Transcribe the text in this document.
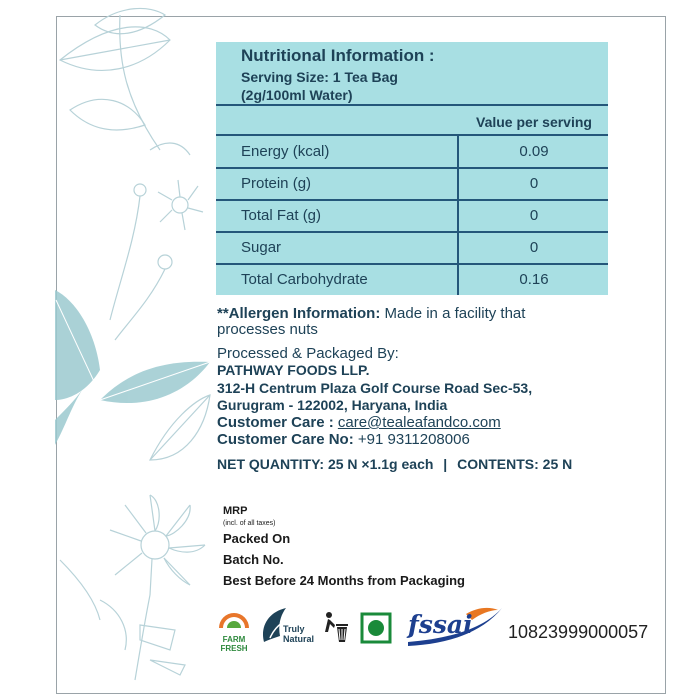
Nutritional Information :
Serving Size: 1 Tea Bag
(2g/100ml Water)
Value per serving
Energy (kcal)	0.09
Protein (g)	0
Total Fat (g)	0
Sugar	0
Total Carbohydrate	0.16
**Allergen Information: Made in a facility that
processes nuts
Processed & Packaged By:
PATHWAY FOODS LLP.
312-H Centrum Plaza Golf Course Road Sec-53,
Gurugram - 122002, Haryana, India
Customer Care : care@tealeafandco.com
Customer Care No: +91 9311208006
NET QUANTITY: 25 N ×1.1g each | CONTENTS: 25 N
MRP
(incl. of all taxes)
Packed On
Batch No.
Best Before 24 Months from Packaging
FARM
FRESH
Truly
Natural	fssai 10823999000057
